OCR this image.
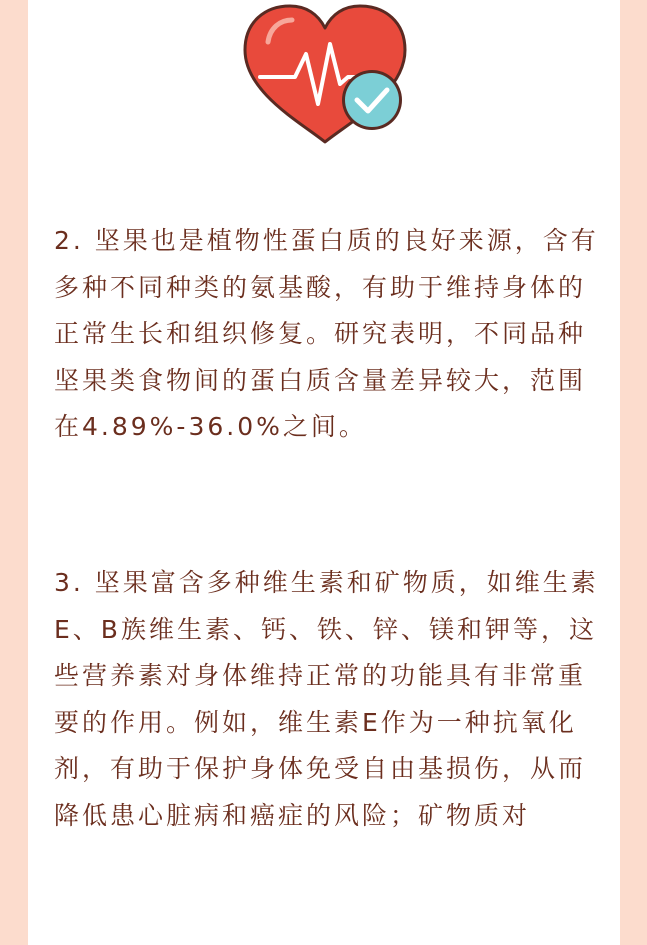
2. 坚果也是植物性蛋白质的良好来源，含有多种不同种类的氨基酸，有助于维持身体的正常生长和组织修复。研究表明，不同品种坚果类食物间的蛋白质含量差异较大，范围在4.89%-36.0%之间。

3. 坚果富含多种维生素和矿物质，如维生素E、B族维生素、钙、铁、锌、镁和钾等，这些营养素对身体维持正常的功能具有非常重要的作用。例如，维生素E作为一种抗氧化剂，有助于保护身体免受自由基损伤，从而降低患心脏病和癌症的风险；矿物质对
